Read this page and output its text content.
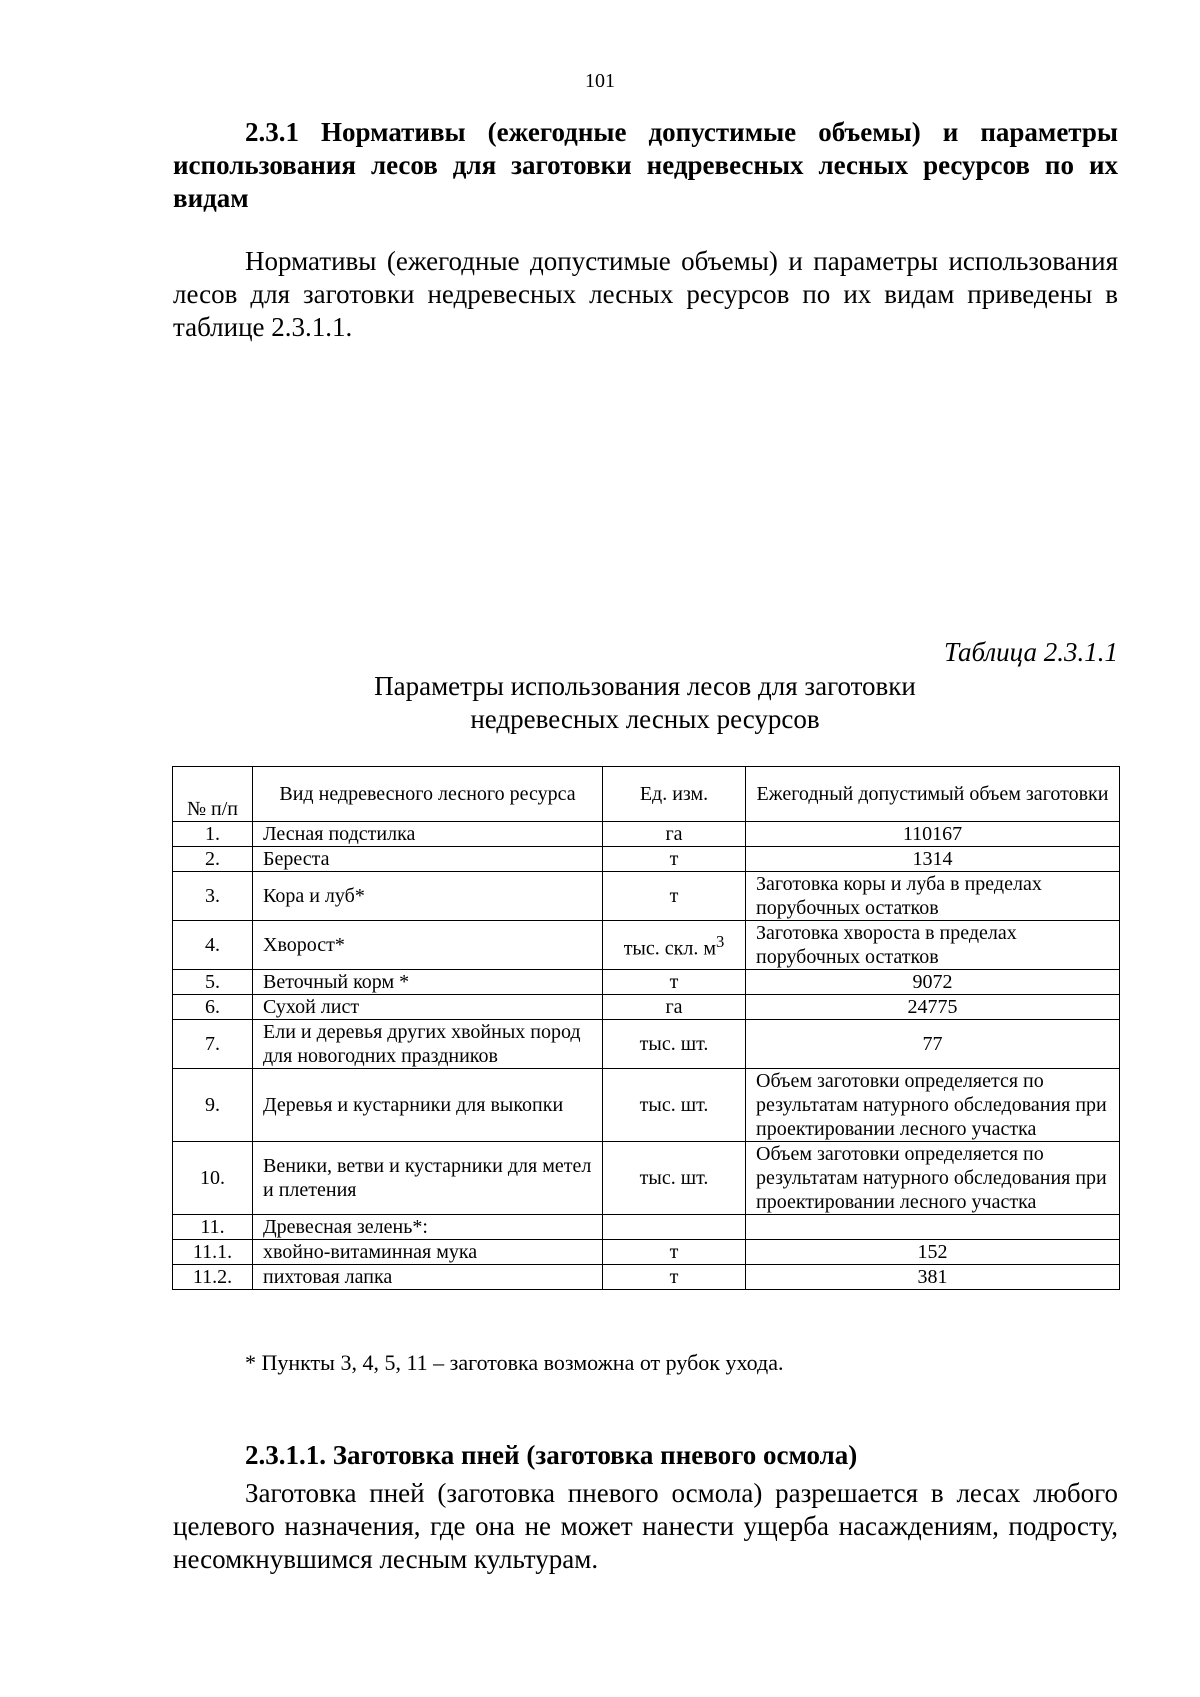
101
2.3.1 Нормативы (ежегодные допустимые объемы) и параметры использования лесов для заготовки недревесных лесных ресурсов по их видам
Нормативы (ежегодные допустимые объемы) и параметры использования лесов для заготовки недревесных лесных ресурсов по их видам приведены в таблице 2.3.1.1.
Таблица 2.3.1.1
Параметры использования лесов для заготовки
недревесных лесных ресурсов
№ п/п	Вид недревесного лесного ресурса	Ед. изм.	Ежегодный допустимый объем заготовки
1.	Лесная подстилка	га	110167
2.	Береста	т	1314
3.	Кора и луб*	т	Заготовка коры и луба в пределах порубочных остатков
4.	Хворост*	тыс. скл. $м^3$	Заготовка хвороста в пределах порубочных остатков
5.	Веточный корм *	т	9072
6.	Сухой лист	га	24775
7.	Ели и деревья других хвойных пород для новогодних праздников	тыс. шт.	77
9.	Деревья и кустарники для выкопки	тыс. шт.	Объем заготовки определяется по результатам натурного обследования при проектировании лесного участка
10.	Веники, ветви и кустарники для метел и плетения	тыс. шт.	Объем заготовки определяется по результатам натурного обследования при проектировании лесного участка
11.	Древесная зелень*:		
11.1.	хвойно-витаминная мука	т	152
11.2.	пихтовая лапка	т	381
* Пункты 3, 4, 5, 11 – заготовка возможна от рубок ухода.
2.3.1.1. Заготовка пней (заготовка пневого осмола)
Заготовка пней (заготовка пневого осмола) разрешается в лесах любого целевого назначения, где она не может нанести ущерба насаждениям, подросту, несомкнувшимся лесным культурам.
